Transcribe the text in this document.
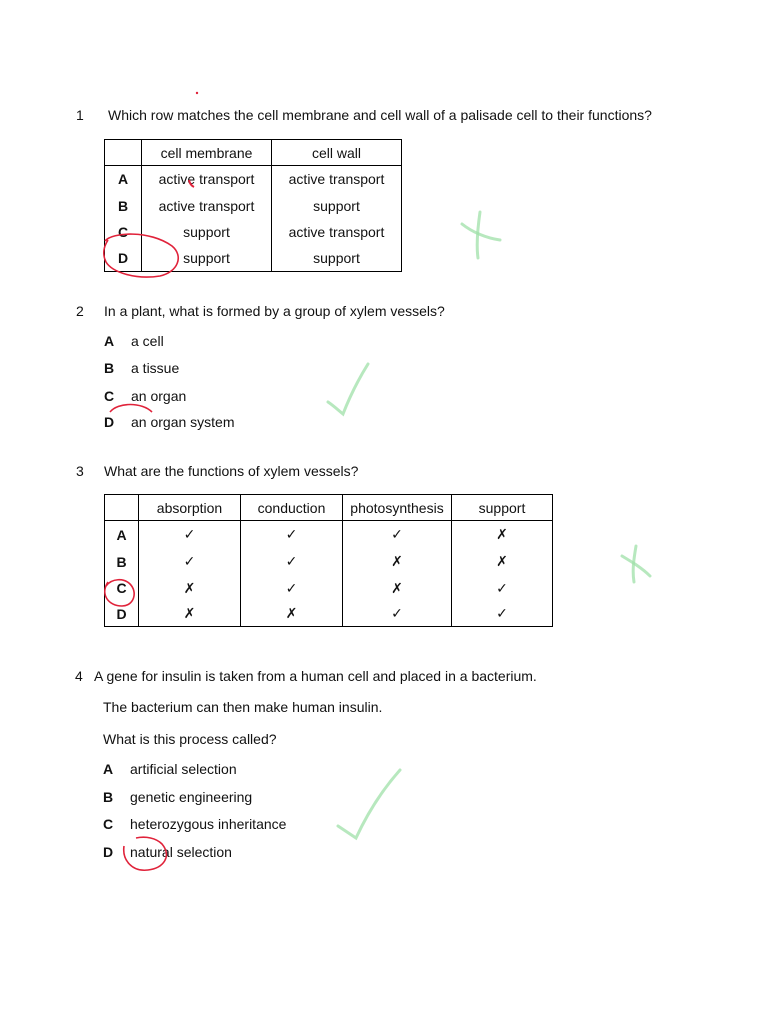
1 Which row matches the cell membrane and cell wall of a palisade cell to their functions?
	cell membrane	cell wall
A	active transport	active transport
B	active transport	support
C	support	active transport
D	support	support
2 In a plant, what is formed by a group of xylem vessels?
A a cell
B a tissue
C an organ
D an organ system
3 What are the functions of xylem vessels?
	absorption	conduction	photosynthesis	support
A	✓	✓	✓	✗
B	✓	✓	✗	✗
C	✗	✓	✗	✓
D	✗	✗	✓	✓
4 A gene for insulin is taken from a human cell and placed in a bacterium.
The bacterium can then make human insulin.
What is this process called?
A artificial selection
B genetic engineering
C heterozygous inheritance
D natural selection
